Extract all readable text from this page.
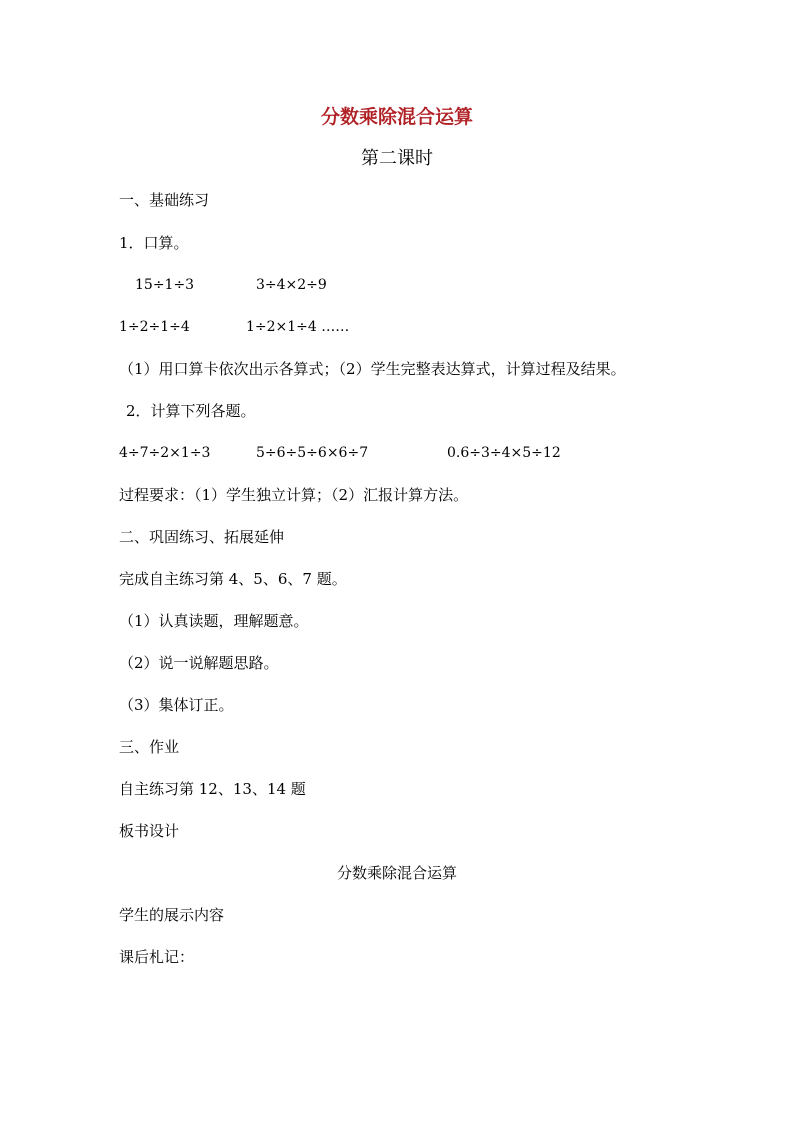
分数乘除混合运算
第二课时
一、基础练习
1．口算。
15÷1÷3	3÷4×2÷9
1÷2÷1÷4	1÷2×1÷4 ……
（1）用口算卡依次出示各算式；（2）学生完整表达算式，计算过程及结果。
2．计算下列各题。
4÷7÷2×1÷3	5÷6÷5÷6×6÷7	0.6÷3÷4×5÷12
过程要求：（1）学生独立计算；（2）汇报计算方法。
二、巩固练习、拓展延伸
完成自主练习第 4、5、6、7 题。
（1）认真读题，理解题意。
（2）说一说解题思路。
（3）集体订正。
三、作业
自主练习第 12、13、14 题
板书设计
分数乘除混合运算
学生的展示内容
课后札记：
